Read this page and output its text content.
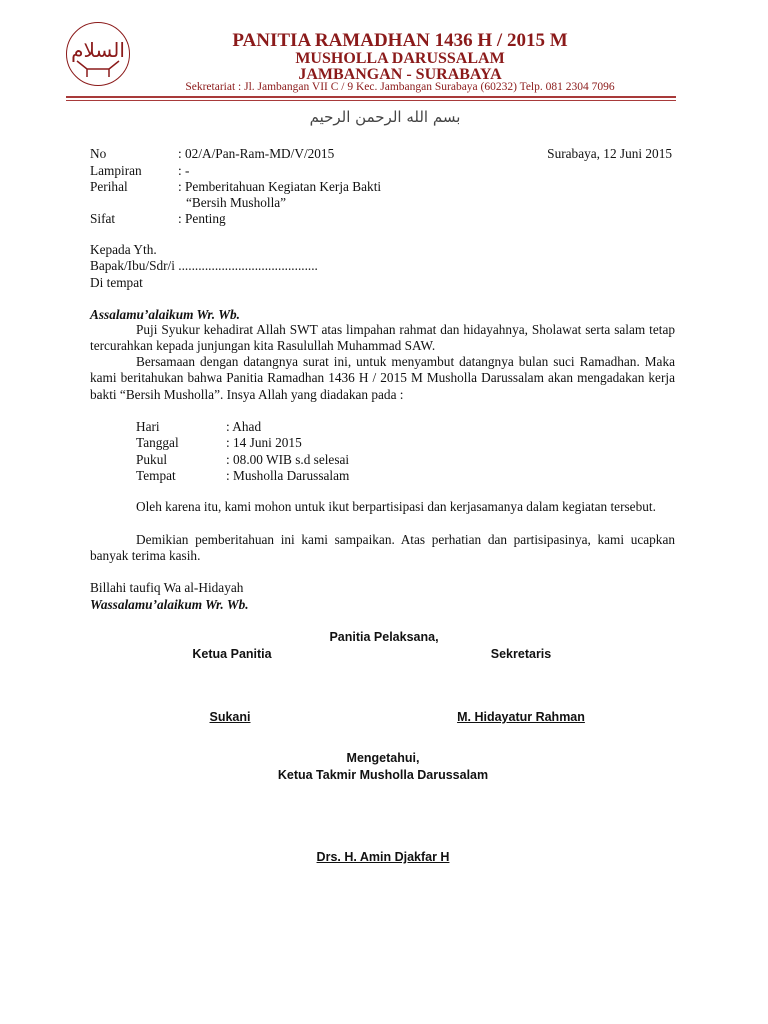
السلام	PANITIA RAMADHAN 1436 H / 2015 M
MUSHOLLA DARUSSALAM
JAMBANGAN - SURABAYA
Sekretariat : Jl. Jambangan VII C / 9 Kec. Jambangan Surabaya (60232) Telp. 081 2304 7096
بسم الله الرحمن الرحيم
No	: 02/A/Pan-Ram-MD/V/2015	Surabaya, 12 Juni 2015
Lampiran	: -
Perihal	: Pemberitahuan Kegiatan Kerja Bakti
“Bersih Musholla”
Sifat	: Penting
Kepada Yth.
Bapak/Ibu/Sdr/i ..........................................
Di tempat
Assalamu’alaikum Wr. Wb.
Puji Syukur kehadirat Allah SWT atas limpahan rahmat dan hidayahnya, Sholawat serta salam tetap tercurahkan kepada junjungan kita Rasulullah Muhammad SAW.
Bersamaan dengan datangnya surat ini, untuk menyambut datangnya bulan suci Ramadhan. Maka kami beritahukan bahwa Panitia Ramadhan 1436 H / 2015 M Musholla Darussalam akan mengadakan kerja bakti “Bersih Musholla”. Insya Allah yang diadakan pada :
Hari	: Ahad
Tanggal	: 14 Juni 2015
Pukul	: 08.00 WIB s.d selesai
Tempat	: Musholla Darussalam
Oleh karena itu, kami mohon untuk ikut berpartisipasi dan kerjasamanya dalam kegiatan tersebut.
Demikian pemberitahuan ini kami sampaikan. Atas perhatian dan partisipasinya, kami ucapkan banyak terima kasih.
Billahi taufiq Wa al-Hidayah
Wassalamu’alaikum Wr. Wb.
Panitia Pelaksana,
Ketua Panitia	Sekretaris
Sukani	M. Hidayatur Rahman
Mengetahui,
Ketua Takmir Musholla Darussalam
Drs. H. Amin Djakfar H
